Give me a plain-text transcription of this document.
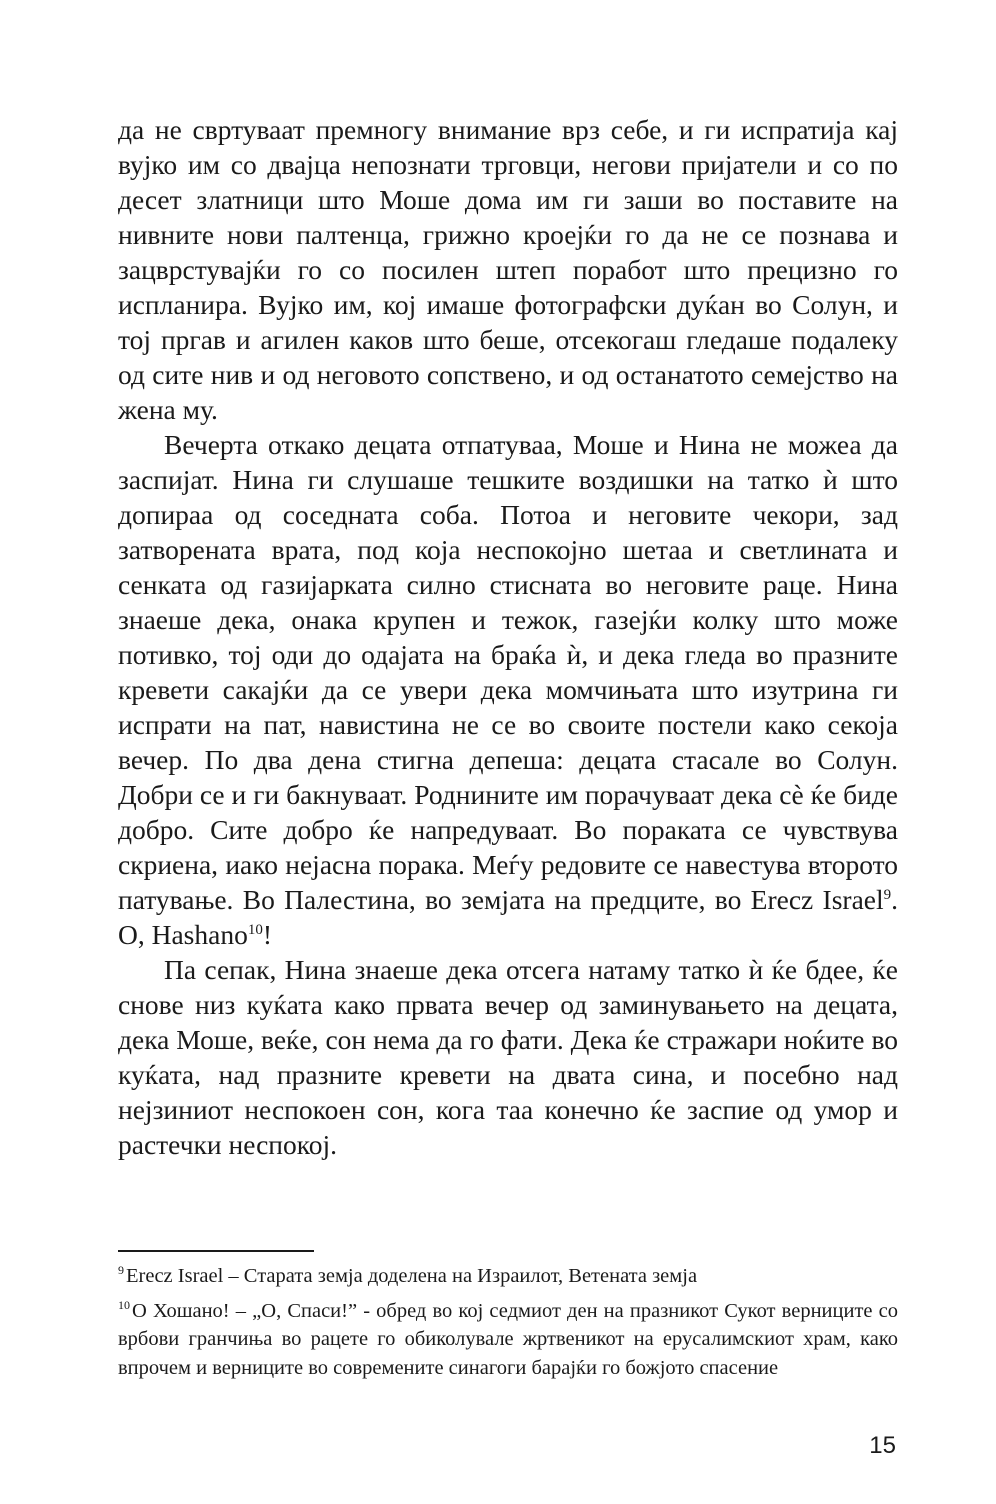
да не свртуваат премногу внимание врз себе, и ги испратија кај вујко им со двајца непознати трговци, негови пријатели и со по десет златници што Моше дома им ги заши во поставите на нивните нови палтенца, грижно кроејќи го да не се познава и зацврстувајќи го со посилен штеп поработ што прецизно го испланира. Вујко им, кој имаше фотографски дуќан во Солун, и тој пргав и агилен каков што беше, отсекогаш гледаше подалеку од сите нив и од неговото сопствено, и од останатото семејство на жена му.

Вечерта откако децата отпатуваа, Моше и Нина не можеа да заспијат. Нина ги слушаше тешките воздишки на татко ѝ што допираа од соседната соба. Потоа и неговите чекори, зад затворената врата, под која неспокојно шетаа и светлината и сенката од газијарката силно стисната во неговите раце. Нина знаеше дека, онака крупен и тежок, газејќи колку што може потивко, тој оди до одајата на браќа ѝ, и дека гледа во празните кревети сакајќи да се увери дека момчињата што изутрина ги испрати на пат, навистина не се во своите постели како секоја вечер. По два дена стигна депеша: децата стасале во Солун. Добри се и ги бакнуваат. Роднините им порачуваат дека сè ќе биде добро. Сите добро ќе напредуваат. Во пораката се чувствува скриена, иако нејасна порака. Меѓу редовите се навестува второто патување. Во Палестина, во земјата на предците, во Erecz Israel$^9$. O, Hashano$^{10}$!

Па сепак, Нина знаеше дека отсега натаму татко ѝ ќе бдее, ќе снове низ куќата како првата вечер од заминувањето на децата, дека Моше, веќе, сон нема да го фати. Дека ќе стражари ноќите во куќата, над празните кревети на двата сина, и посебно над нејзиниот неспокоен сон, кога таа конечно ќе заспие од умор и растечки неспокој.

$^9$Erecz Israel – Старата земја доделена на Израилот, Ветената земја

$^{10}$О Хошано! – „О, Спаси!” - обред во кој седмиот ден на празникот Сукот верниците со врбови гранчиња во рацете го обиколувале жртвеникот на ерусалимскиот храм, како впрочем и верниците во современите синагоги барајќи го божјото спасение

15
